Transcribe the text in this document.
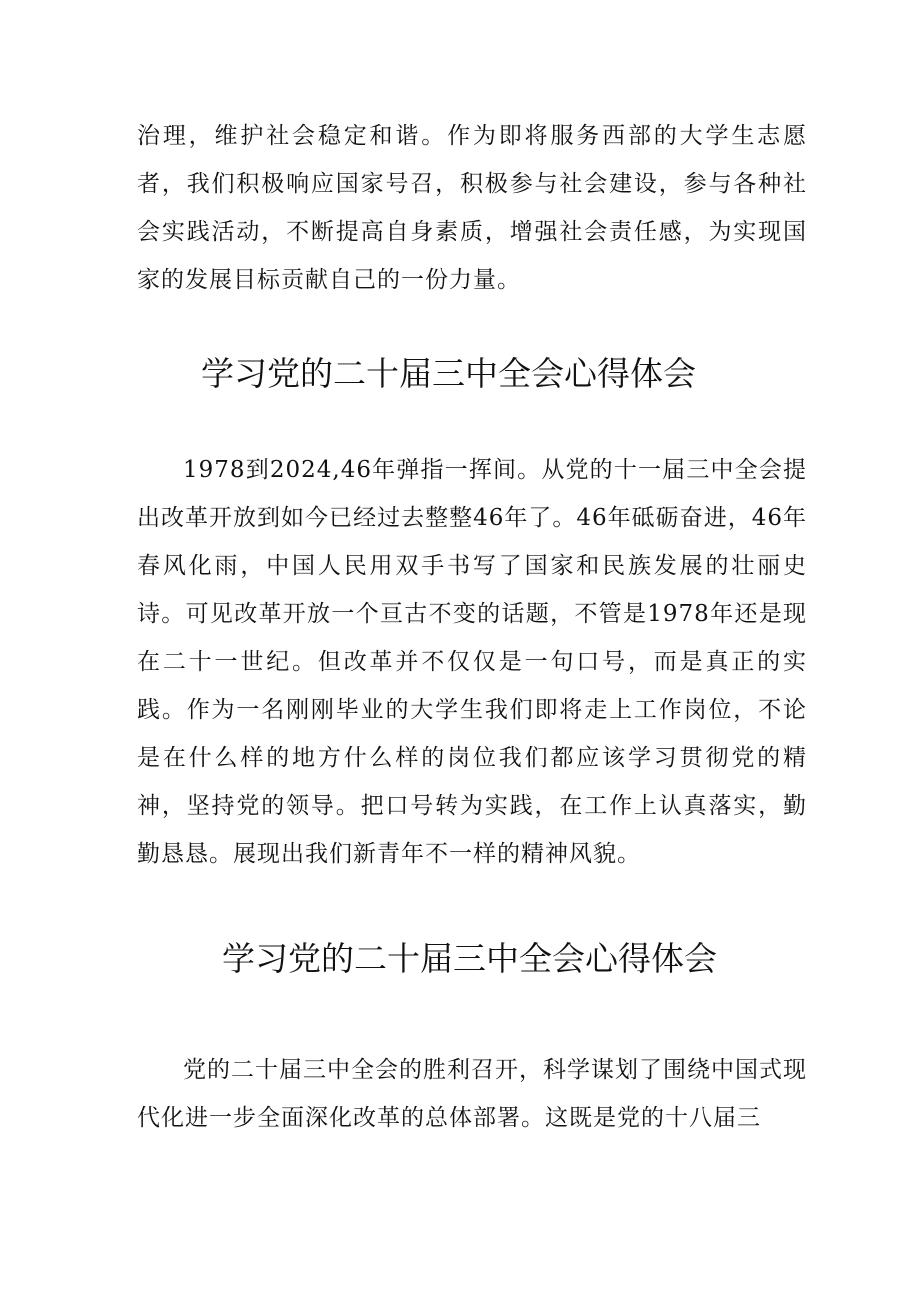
治理，维护社会稳定和谐。作为即将服务西部的大学生志愿者，我们积极响应国家号召，积极参与社会建设，参与各种社会实践活动，不断提高自身素质，增强社会责任感，为实现国家的发展目标贡献自己的一份力量。

学习党的二十届三中全会心得体会

1978到2024,46年弹指一挥间。从党的十一届三中全会提出改革开放到如今已经过去整整46年了。46年砥砺奋进，46年春风化雨，中国人民用双手书写了国家和民族发展的壮丽史诗。可见改革开放一个亘古不变的话题，不管是1978年还是现在二十一世纪。但改革并不仅仅是一句口号，而是真正的实践。作为一名刚刚毕业的大学生我们即将走上工作岗位，不论是在什么样的地方什么样的岗位我们都应该学习贯彻党的精神，坚持党的领导。把口号转为实践，在工作上认真落实，勤勤恳恳。展现出我们新青年不一样的精神风貌。

学习党的二十届三中全会心得体会

党的二十届三中全会的胜利召开，科学谋划了围绕中国式现代化进一步全面深化改革的总体部署。这既是党的十八届三
